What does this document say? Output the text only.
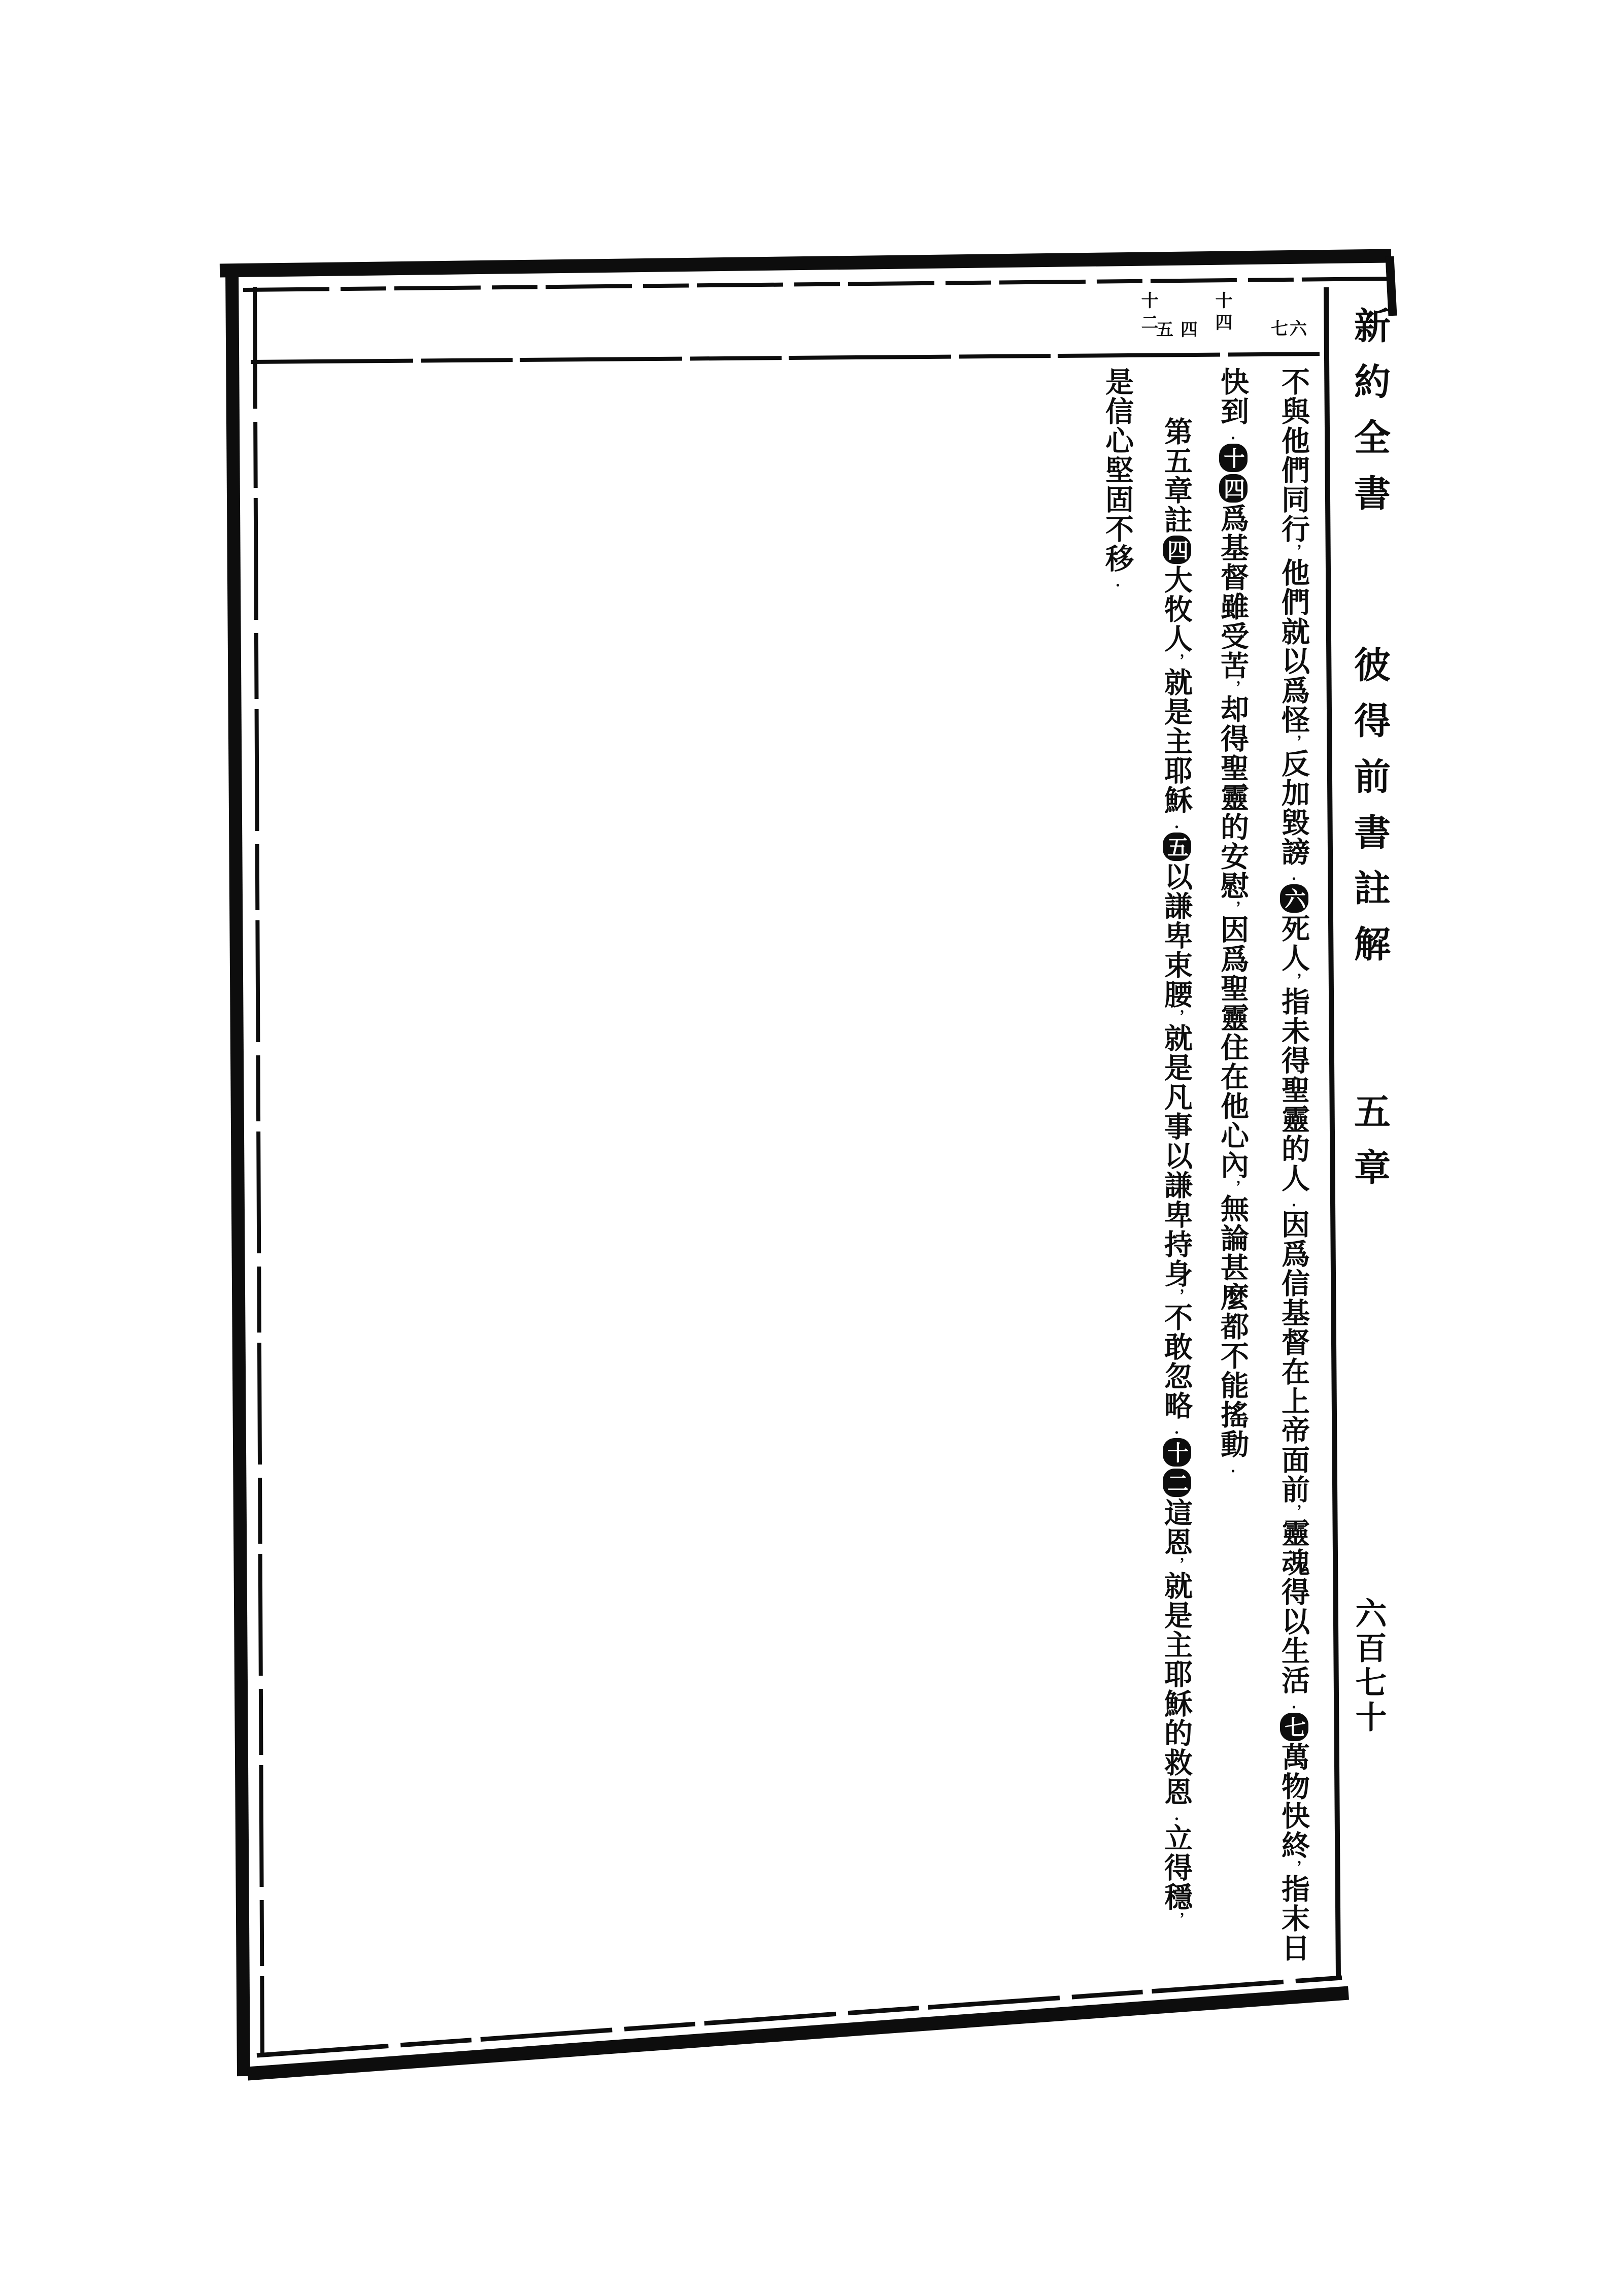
十二
五四 十四 七六 新約全書
彼得前書註解
五章
六百七十
不與他們同行，他們就以爲怪，反加毀謗.六死人，指未得聖靈的人.因爲信基督在上帝面前，靈魂得以生活.七萬物快終，指末日
快到.十四爲基督雖受苦，却得聖靈的安慰，因爲聖靈住在他心內，無論甚麼都不能搖動.
　第五章註四大牧人，就是主耶穌.五以謙卑束腰，就是凡事以謙卑持身，不敢忽略.十二這恩，就是主耶穌的救恩.立得穩，
是信心堅固不移.
